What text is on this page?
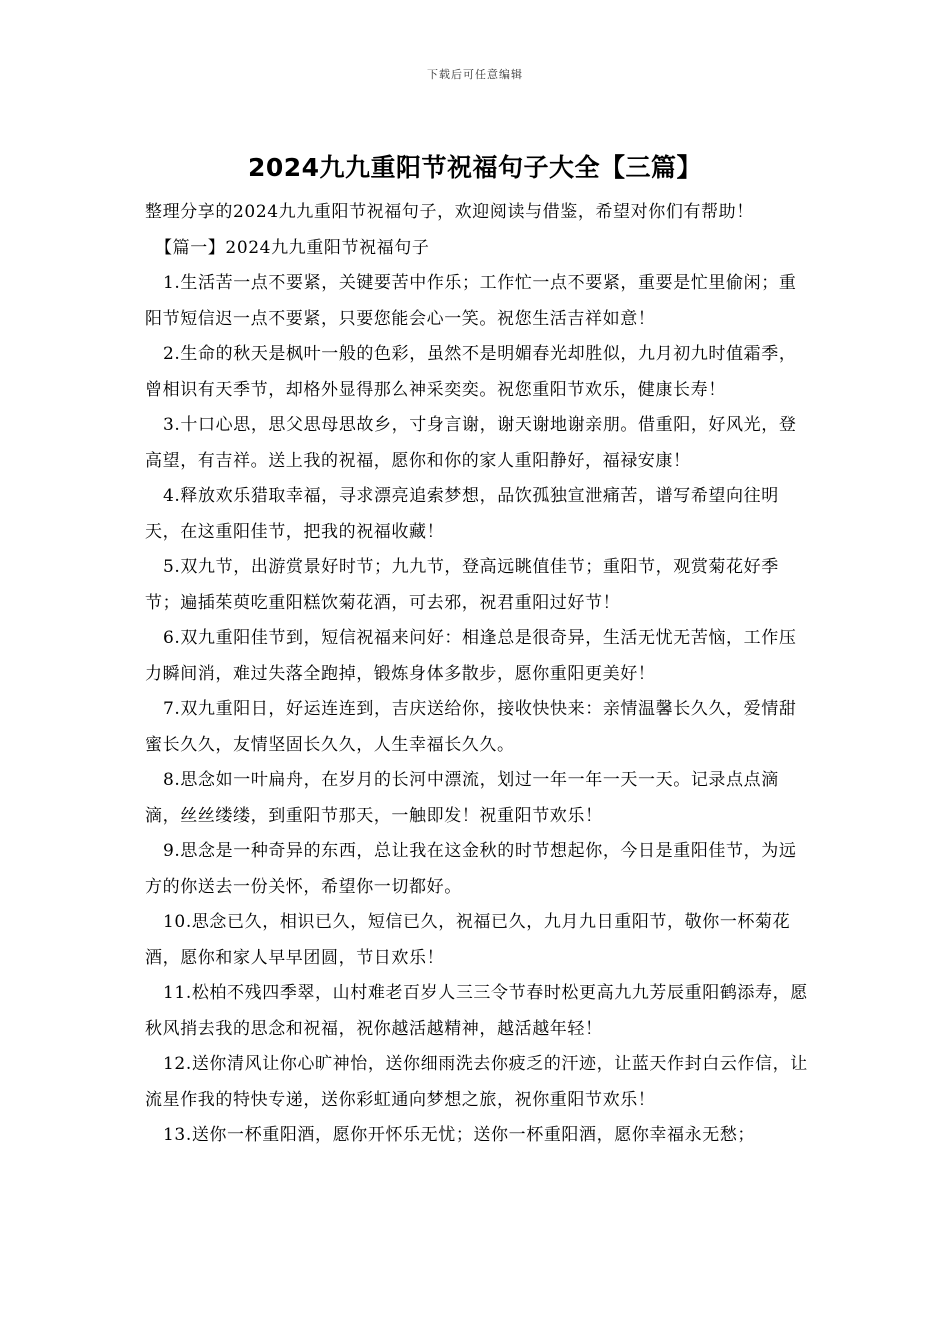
下载后可任意编辑
2024九九重阳节祝福句子大全【三篇】

整理分享的2024九九重阳节祝福句子，欢迎阅读与借鉴，希望对你们有帮助！

【篇一】2024九九重阳节祝福句子

1.生活苦一点不要紧，关键要苦中作乐；工作忙一点不要紧，重要是忙里偷闲；重阳节短信迟一点不要紧，只要您能会心一笑。祝您生活吉祥如意！

2.生命的秋天是枫叶一般的色彩，虽然不是明媚春光却胜似，九月初九时值霜季，曾相识有天季节，却格外显得那么神采奕奕。祝您重阳节欢乐，健康长寿！

3.十口心思，思父思母思故乡，寸身言谢，谢天谢地谢亲朋。借重阳，好风光，登高望，有吉祥。送上我的祝福，愿你和你的家人重阳静好，福禄安康！

4.释放欢乐猎取幸福，寻求漂亮追索梦想，品饮孤独宣泄痛苦，谱写希望向往明天，在这重阳佳节，把我的祝福收藏！

5.双九节，出游赏景好时节；九九节，登高远眺值佳节；重阳节，观赏菊花好季节；遍插茱萸吃重阳糕饮菊花酒，可去邪，祝君重阳过好节！

6.双九重阳佳节到，短信祝福来问好：相逢总是很奇异，生活无忧无苦恼，工作压力瞬间消，难过失落全跑掉，锻炼身体多散步，愿你重阳更美好！

7.双九重阳日，好运连连到，吉庆送给你，接收快快来：亲情温馨长久久，爱情甜蜜长久久，友情坚固长久久，人生幸福长久久。

8.思念如一叶扁舟，在岁月的长河中漂流，划过一年一年一天一天。记录点点滴滴，丝丝缕缕，到重阳节那天，一触即发！祝重阳节欢乐！

9.思念是一种奇异的东西，总让我在这金秋的时节想起你，今日是重阳佳节，为远方的你送去一份关怀，希望你一切都好。

10.思念已久，相识已久，短信已久，祝福已久，九月九日重阳节，敬你一杯菊花酒，愿你和家人早早团圆，节日欢乐！

11.松柏不残四季翠，山村难老百岁人三三令节春时松更高九九芳辰重阳鹤添寿，愿秋风捎去我的思念和祝福，祝你越活越精神，越活越年轻！

12.送你清风让你心旷神怡，送你细雨洗去你疲乏的汗迹，让蓝天作封白云作信，让流星作我的特快专递，送你彩虹通向梦想之旅，祝你重阳节欢乐！

13.送你一杯重阳酒，愿你开怀乐无忧；送你一杯重阳酒，愿你幸福永无愁；
